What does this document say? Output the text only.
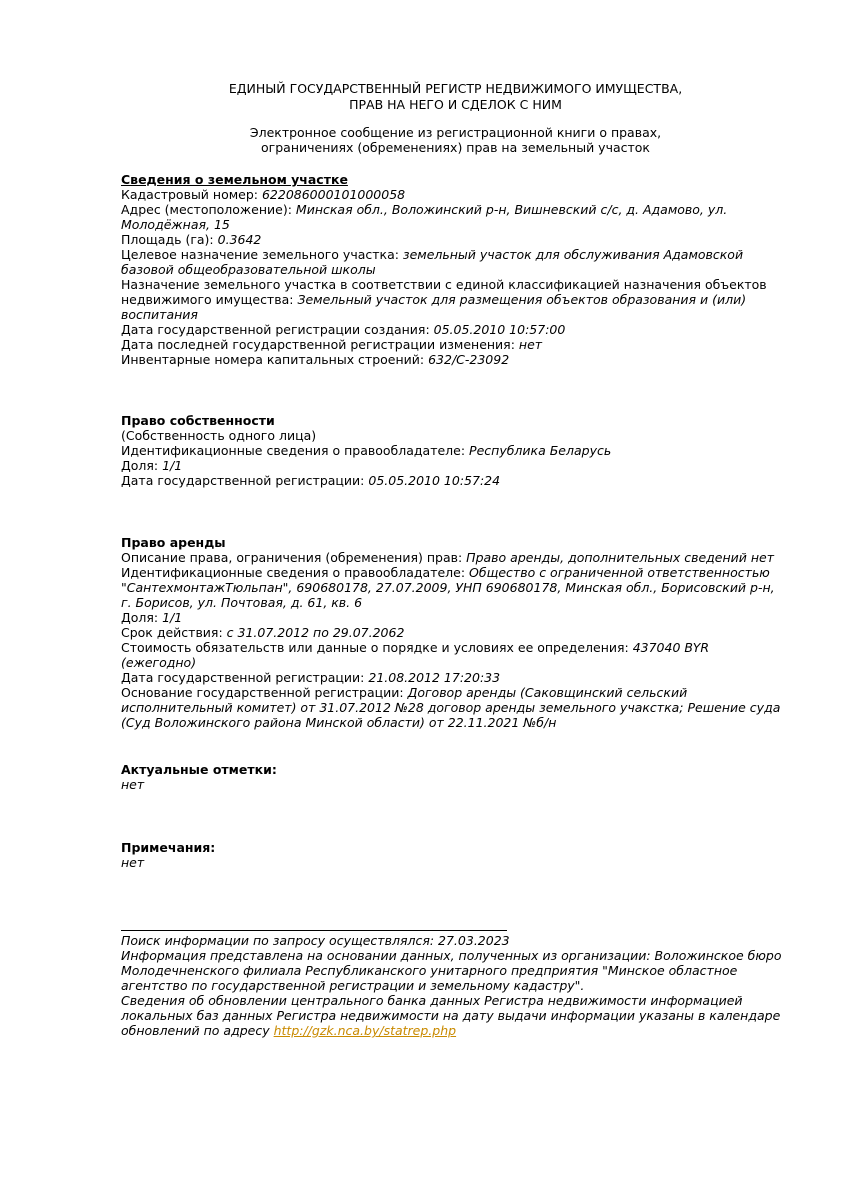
ЕДИНЫЙ ГОСУДАРСТВЕННЫЙ РЕГИСТР НЕДВИЖИМОГО ИМУЩЕСТВА,
ПРАВ НА НЕГО И СДЕЛОК С НИМ
Электронное сообщение из регистрационной книги о правах,
ограничениях (обременениях) прав на земельный участок
Сведения о земельном участке
Кадастровый номер: 622086000101000058
Адрес (местоположение): Минская обл., Воложинский р-н, Вишневский с/с, д. Адамово, ул. Молодёжная, 15
Площадь (га): 0.3642
Целевое назначение земельного участка: земельный участок для обслуживания Адамовской базовой общеобразовательной школы
Назначение земельного участка в соответствии с единой классификацией назначения объектов недвижимого имущества: Земельный участок для размещения объектов образования и (или) воспитания
Дата государственной регистрации создания: 05.05.2010 10:57:00
Дата последней государственной регистрации изменения: нет
Инвентарные номера капитальных строений: 632/C-23092
Право собственности
(Собственность одного лица)
Идентификационные сведения о правообладателе: Республика Беларусь
Доля: 1/1
Дата государственной регистрации: 05.05.2010 10:57:24
Право аренды
Описание права, ограничения (обременения) прав: Право аренды, дополнительных сведений нет
Идентификационные сведения о правообладателе: Общество с ограниченной ответственностью "СантехмонтажТюльпан", 690680178, 27.07.2009, УНП 690680178, Минская обл., Борисовский р-н, г. Борисов, ул. Почтовая, д. 61, кв. 6
Доля: 1/1
Срок действия: с 31.07.2012 по 29.07.2062
Стоимость обязательств или данные о порядке и условиях ее определения: 437040 BYR (ежегодно)
Дата государственной регистрации: 21.08.2012 17:20:33
Основание государственной регистрации: Договор аренды (Саковщинский сельский исполнительный комитет) от 31.07.2012 №28 договор аренды земельного учакстка; Решение суда (Суд Воложинского района Минской области) от 22.11.2021 №б/н
Актуальные отметки:
нет
Примечания:
нет
Поиск информации по запросу осуществлялся: 27.03.2023
Информация представлена на основании данных, полученных из организации: Воложинское бюро Молодечненского филиала Республиканского унитарного предприятия "Минское областное агентство по государственной регистрации и земельному кадастру".
Сведения об обновлении центрального банка данных Регистра недвижимости информацией локальных баз данных Регистра недвижимости на дату выдачи информации указаны в календаре обновлений по адресу http://gzk.nca.by/statrep.php
